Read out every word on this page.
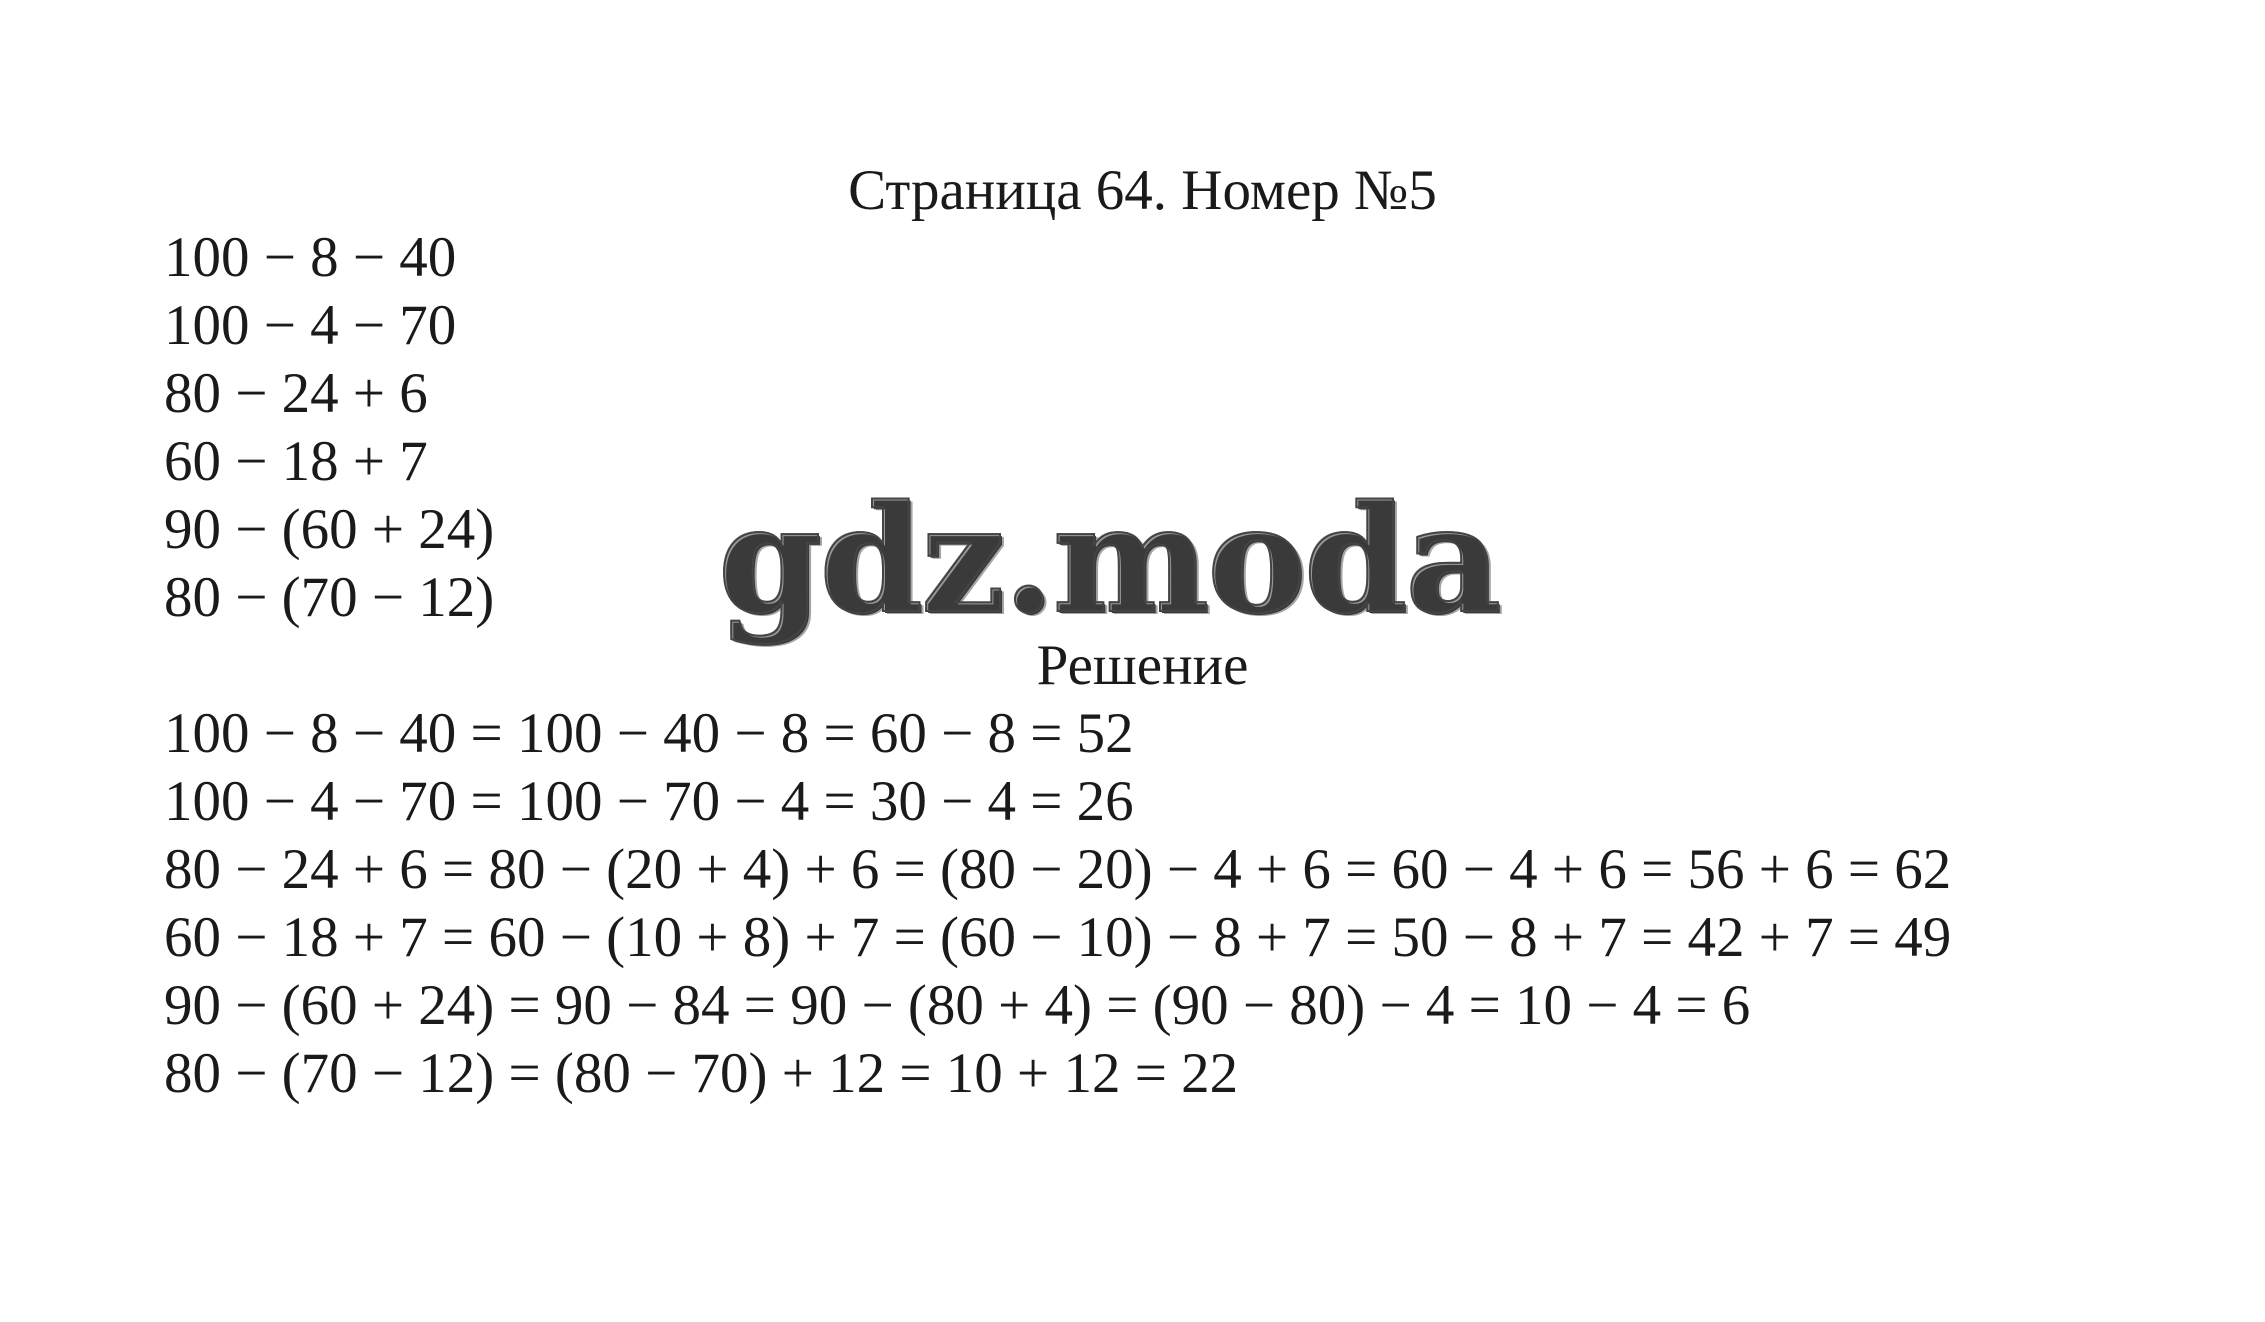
Страница 64. Номер №5
100 − 8 − 40
100 − 4 − 70
80 − 24 + 6
60 − 18 + 7
90 − (60 + 24)
80 − (70 − 12) gdz.moda
Решение
100 − 8 − 40 = 100 − 40 − 8 = 60 − 8 = 52
100 − 4 − 70 = 100 − 70 − 4 = 30 − 4 = 26
80 − 24 + 6 = 80 − (20 + 4) + 6 = (80 − 20) − 4 + 6 = 60 − 4 + 6 = 56 + 6 = 62
60 − 18 + 7 = 60 − (10 + 8) + 7 = (60 − 10) − 8 + 7 = 50 − 8 + 7 = 42 + 7 = 49
90 − (60 + 24) = 90 − 84 = 90 − (80 + 4) = (90 − 80) − 4 = 10 − 4 = 6
80 − (70 − 12) = (80 − 70) + 12 = 10 + 12 = 22
